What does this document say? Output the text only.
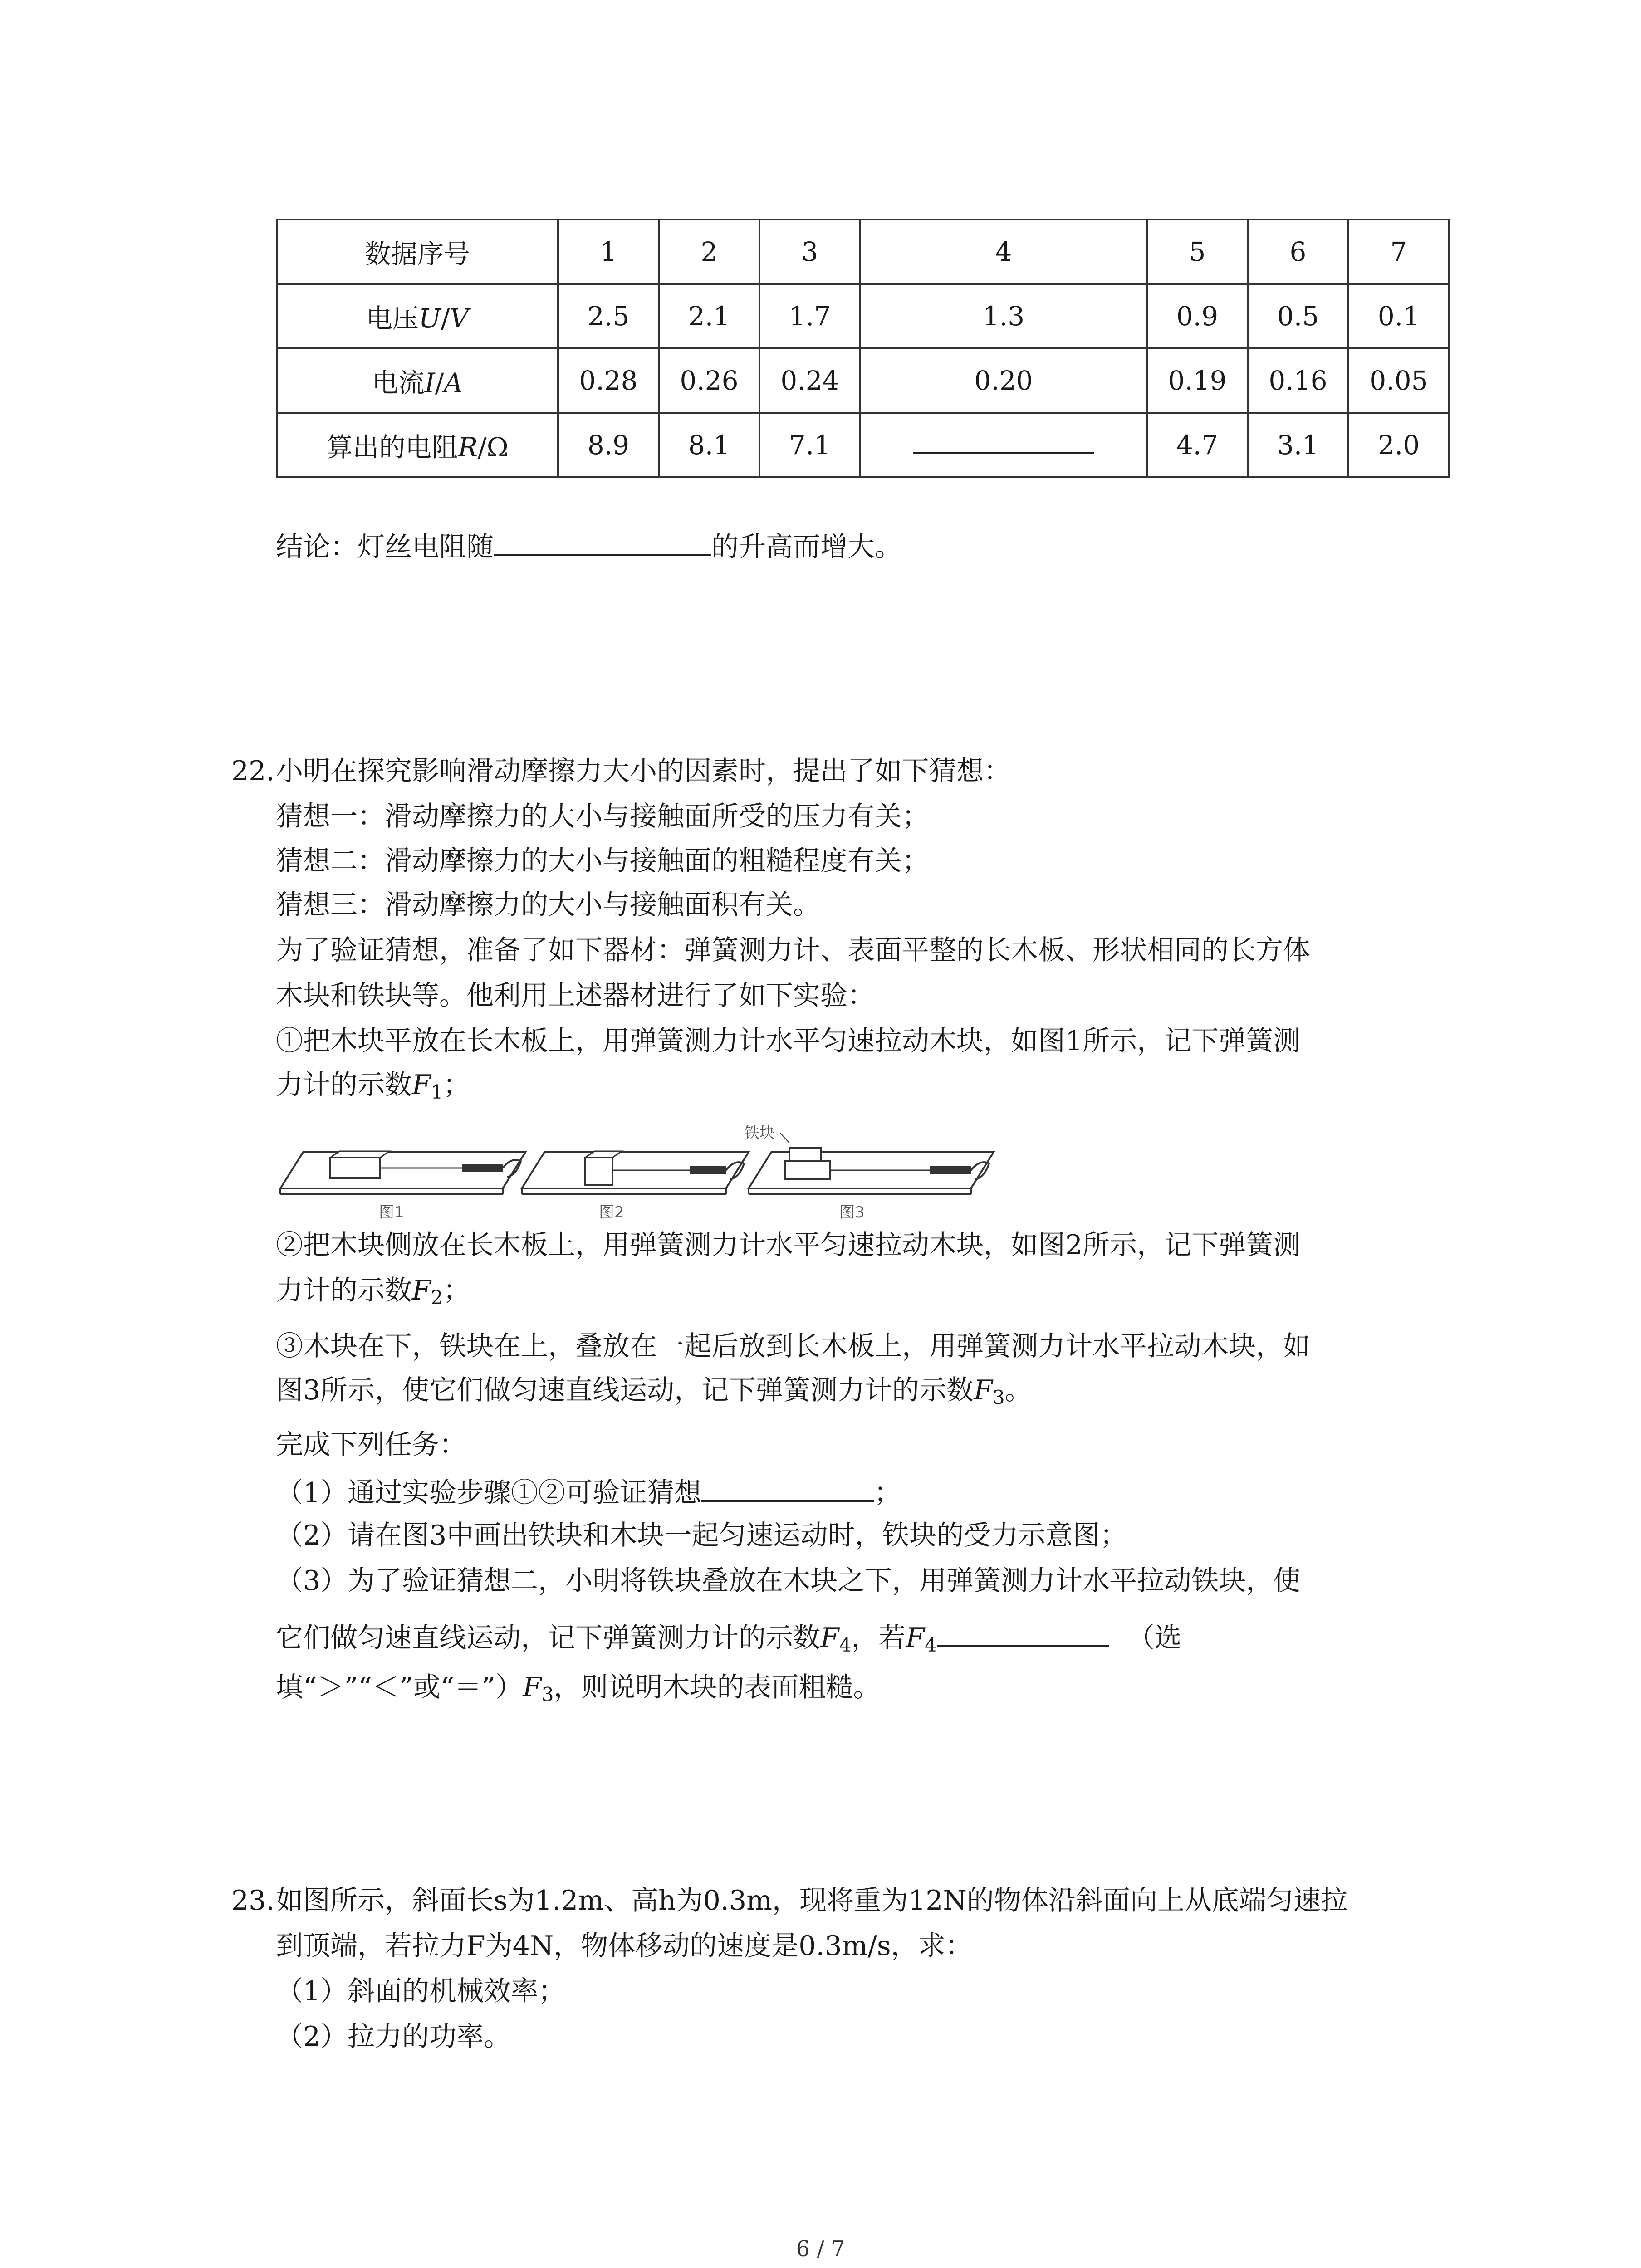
数据序号	1	2	3	4	5	6	7
电压U/V	2.5	2.1	1.7	1.3	0.9	0.5	0.1
电流I/A	0.28	0.26	0.24	0.20	0.19	0.16	0.05
算出的电阻R/Ω	8.9	8.1	7.1		4.7	3.1	2.0
结论：灯丝电阻随	的升高而增大。
22. 小明在探究影响滑动摩擦力大小的因素时，提出了如下猜想：
猜想一：滑动摩擦力的大小与接触面所受的压力有关；
猜想二：滑动摩擦力的大小与接触面的粗糙程度有关；
猜想三：滑动摩擦力的大小与接触面积有关。
为了验证猜想，准备了如下器材：弹簧测力计、表面平整的长木板、形状相同的长方体
木块和铁块等。他利用上述器材进行了如下实验：
①把木块平放在长木板上，用弹簧测力计水平匀速拉动木块，如图1所示，记下弹簧测
力计的示数$F_1$；
图1	图2
铁块
图3
②把木块侧放在长木板上，用弹簧测力计水平匀速拉动木块，如图2所示，记下弹簧测
力计的示数$F_2$；
③木块在下，铁块在上，叠放在一起后放到长木板上，用弹簧测力计水平拉动木块，如
图3所示，使它们做匀速直线运动，记下弹簧测力计的示数$F_3$。
完成下列任务：
（1）通过实验步骤①②可验证猜想	；
（2）请在图3中画出铁块和木块一起匀速运动时，铁块的受力示意图；
（3）为了验证猜想二，小明将铁块叠放在木块之下，用弹簧测力计水平拉动铁块，使
它们做匀速直线运动，记下弹簧测力计的示数$F_4$，若$F_4$	（选
填“＞”“＜”或“$=”)F_3$，则说明木块的表面粗糙。
23. 如图所示，斜面长s为1.2m、高h为0.3m，现将重为12N的物体沿斜面向上从底端匀速拉
到顶端，若拉力F为4N，物体移动的速度是0.3m/s，求：
（1）斜面的机械效率；
（2）拉力的功率。
6 / 7
